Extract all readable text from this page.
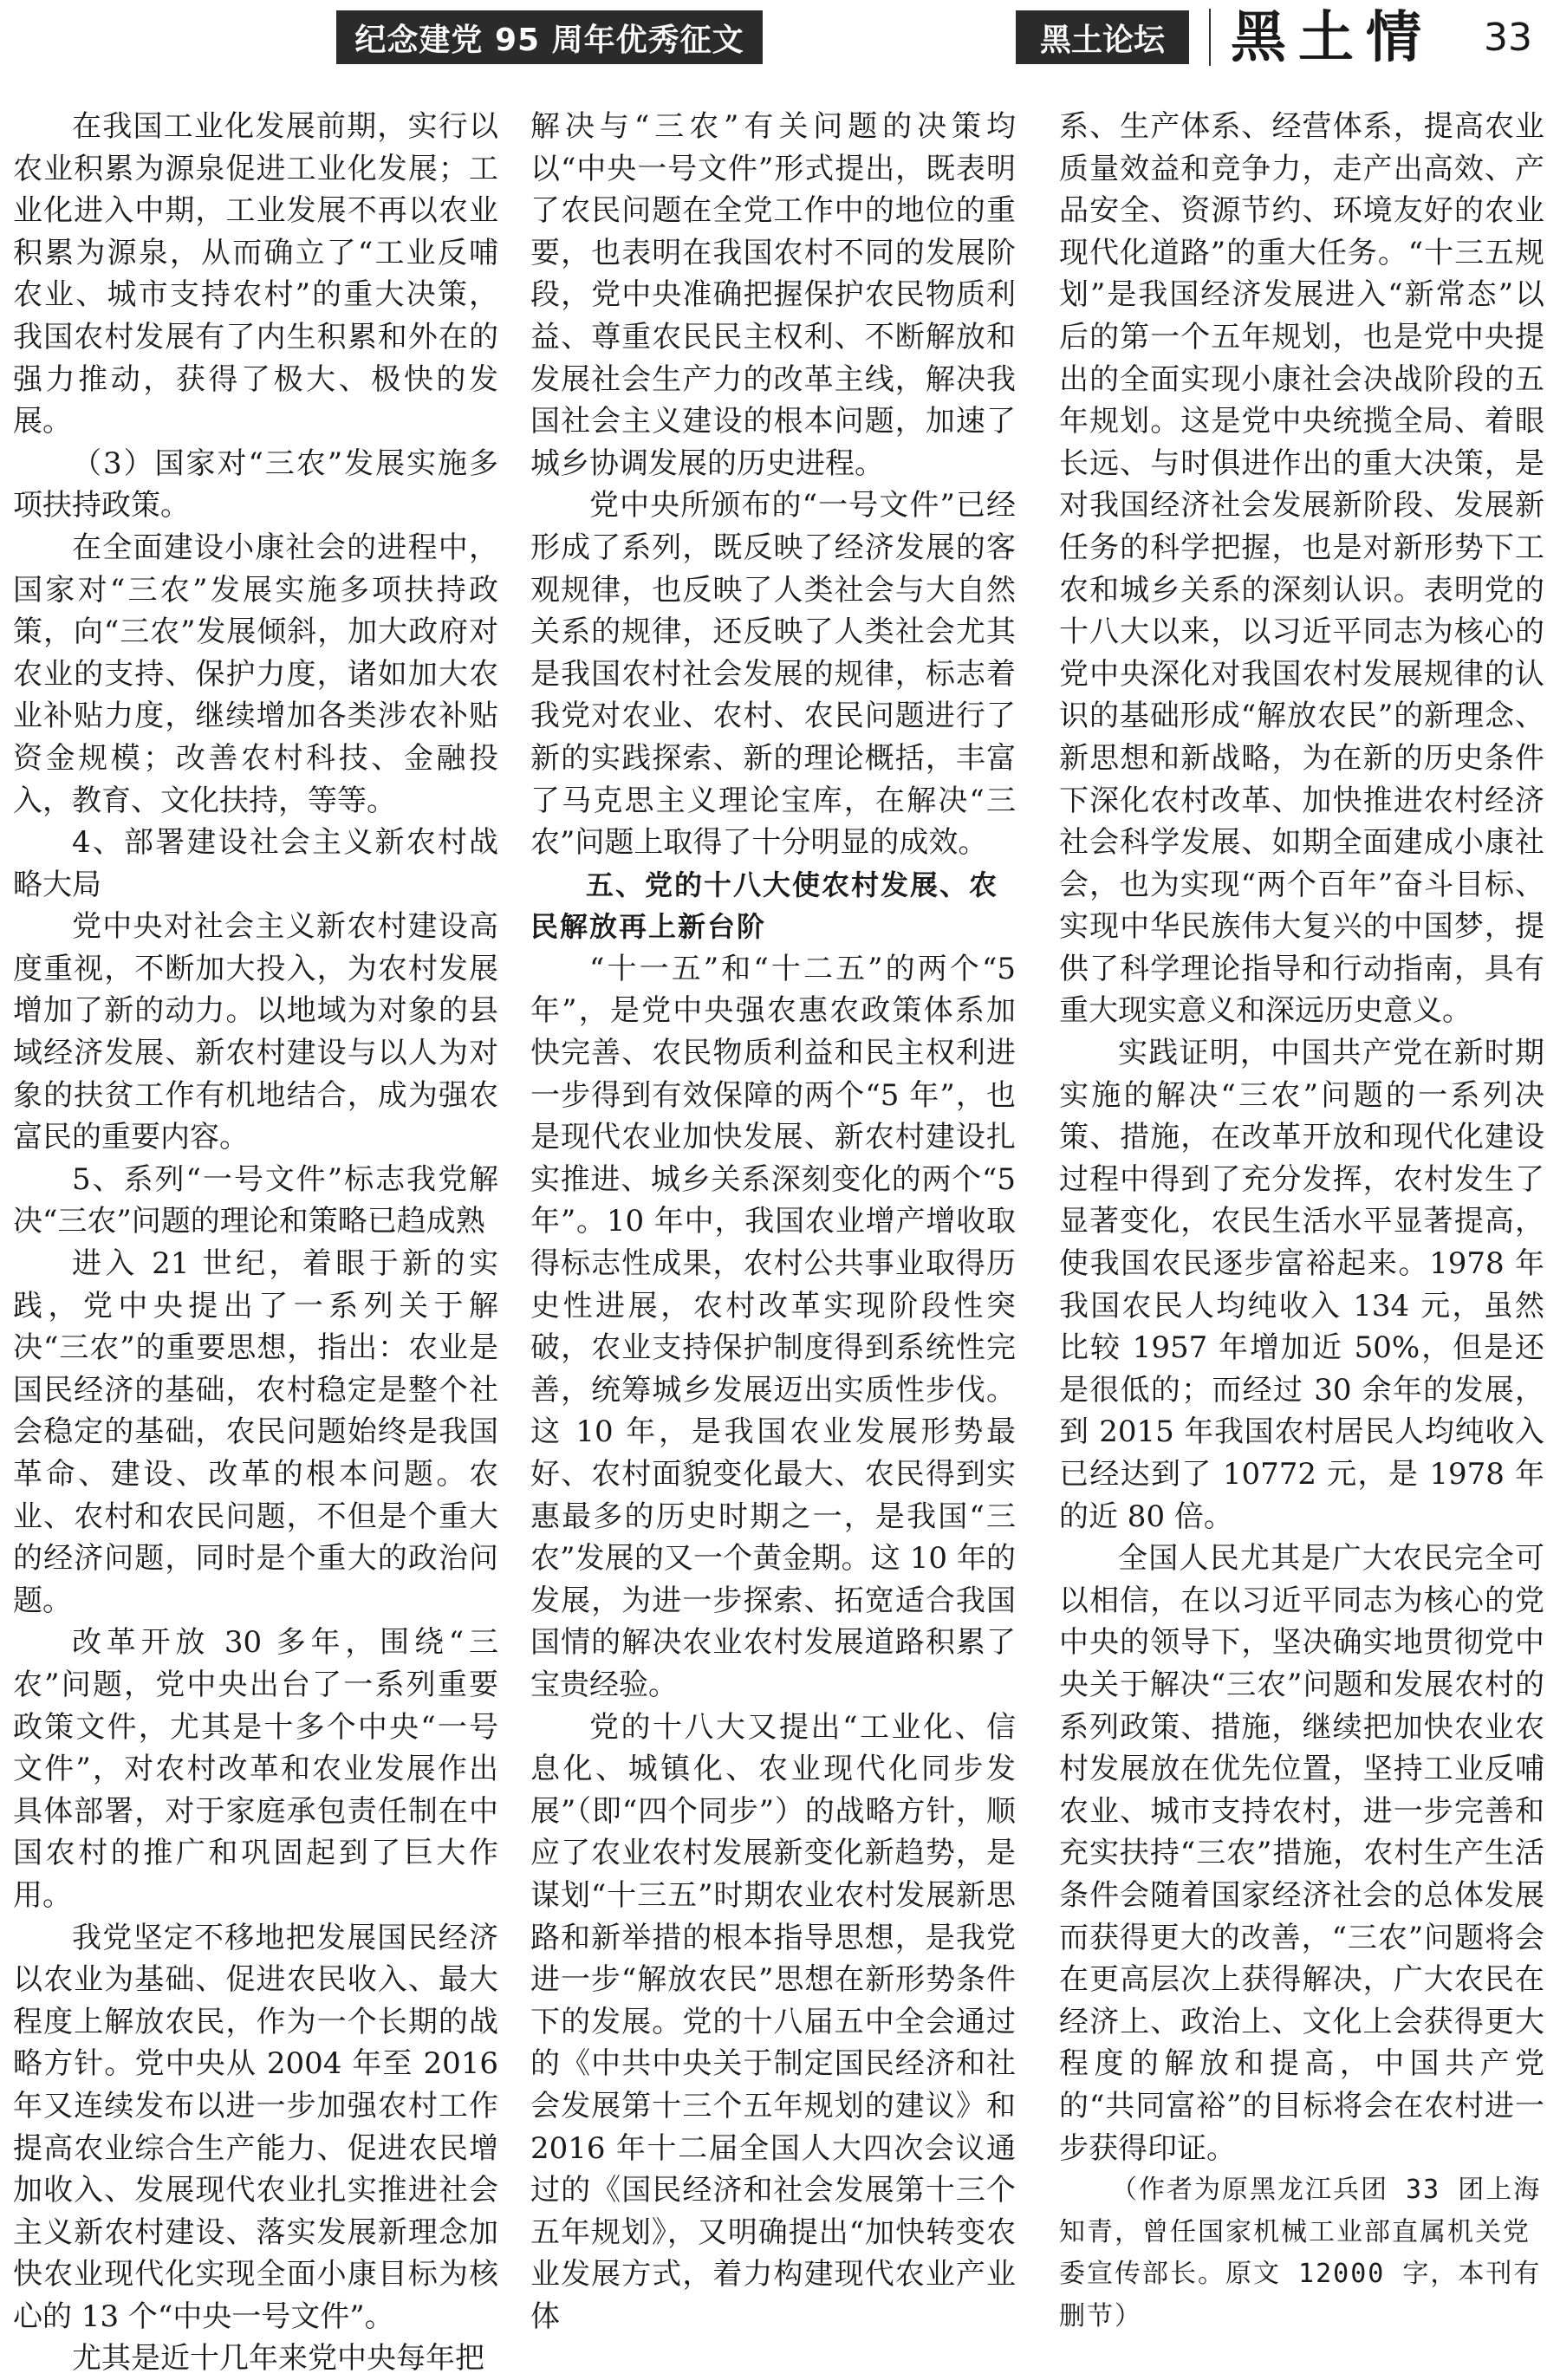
纪念建党 95 周年优秀征文	黑土论坛	黑土情 33

在我国工业化发展前期，实行以农业积累为源泉促进工业化发展；工业化进入中期，工业发展不再以农业积累为源泉，从而确立了“工业反哺农业、城市支持农村”的重大决策，我国农村发展有了内生积累和外在的强力推动，获得了极大、极快的发展。

（3）国家对“三农”发展实施多项扶持政策。

在全面建设小康社会的进程中，国家对“三农”发展实施多项扶持政策，向“三农”发展倾斜，加大政府对农业的支持、保护力度，诸如加大农业补贴力度，继续增加各类涉农补贴资金规模；改善农村科技、金融投入，教育、文化扶持，等等。

4、部署建设社会主义新农村战略大局

党中央对社会主义新农村建设高度重视，不断加大投入，为农村发展增加了新的动力。以地域为对象的县域经济发展、新农村建设与以人为对象的扶贫工作有机地结合，成为强农富民的重要内容。

5、系列“一号文件”标志我党解决“三农”问题的理论和策略已趋成熟

进入 21 世纪，着眼于新的实践，党中央提出了一系列关于解决“三农”的重要思想，指出：农业是国民经济的基础，农村稳定是整个社会稳定的基础，农民问题始终是我国革命、建设、改革的根本问题。农业、农村和农民问题，不但是个重大的经济问题，同时是个重大的政治问题。

改革开放 30 多年，围绕“三农”问题，党中央出台了一系列重要政策文件，尤其是十多个中央“一号文件”，对农村改革和农业发展作出具体部署，对于家庭承包责任制在中国农村的推广和巩固起到了巨大作用。

我党坚定不移地把发展国民经济以农业为基础、促进农民收入、最大程度上解放农民，作为一个长期的战略方针。党中央从 2004 年至 2016 年又连续发布以进一步加强农村工作提高农业综合生产能力、促进农民增加收入、发展现代农业扎实推进社会主义新农村建设、落实发展新理念加快农业现代化实现全面小康目标为核心的 13 个“中央一号文件”。

尤其是近十几年来党中央每年把

解决与“三农”有关问题的决策均以“中央一号文件”形式提出，既表明了农民问题在全党工作中的地位的重要，也表明在我国农村不同的发展阶段，党中央准确把握保护农民物质利益、尊重农民民主权利、不断解放和发展社会生产力的改革主线，解决我国社会主义建设的根本问题，加速了城乡协调发展的历史进程。

党中央所颁布的“一号文件”已经形成了系列，既反映了经济发展的客观规律，也反映了人类社会与大自然关系的规律，还反映了人类社会尤其是我国农村社会发展的规律，标志着我党对农业、农村、农民问题进行了新的实践探索、新的理论概括，丰富了马克思主义理论宝库，在解决“三农”问题上取得了十分明显的成效。

五、党的十八大使农村发展、农民解放再上新台阶

“十一五”和“十二五”的两个“5年”，是党中央强农惠农政策体系加快完善、农民物质利益和民主权利进一步得到有效保障的两个“5 年”，也是现代农业加快发展、新农村建设扎实推进、城乡关系深刻变化的两个“5 年”。10 年中，我国农业增产增收取得标志性成果，农村公共事业取得历史性进展，农村改革实现阶段性突破，农业支持保护制度得到系统性完善，统筹城乡发展迈出实质性步伐。这 10 年，是我国农业发展形势最好、农村面貌变化最大、农民得到实惠最多的历史时期之一，是我国“三农”发展的又一个黄金期。这 10 年的发展，为进一步探索、拓宽适合我国国情的解决农业农村发展道路积累了宝贵经验。

党的十八大又提出“工业化、信息化、城镇化、农业现代化同步发展”（即“四个同步”）的战略方针，顺应了农业农村发展新变化新趋势，是谋划“十三五”时期农业农村发展新思路和新举措的根本指导思想，是我党进一步“解放农民”思想在新形势条件下的发展。党的十八届五中全会通过的《中共中央关于制定国民经济和社会发展第十三个五年规划的建议》和 2016 年十二届全国人大四次会议通过的《国民经济和社会发展第十三个五年规划》，又明确提出“加快转变农业发展方式，着力构建现代农业产业体

系、生产体系、经营体系，提高农业质量效益和竞争力，走产出高效、产品安全、资源节约、环境友好的农业现代化道路”的重大任务。“十三五规划”是我国经济发展进入“新常态”以后的第一个五年规划，也是党中央提出的全面实现小康社会决战阶段的五年规划。这是党中央统揽全局、着眼长远、与时俱进作出的重大决策，是对我国经济社会发展新阶段、发展新任务的科学把握，也是对新形势下工农和城乡关系的深刻认识。表明党的十八大以来，以习近平同志为核心的党中央深化对我国农村发展规律的认识的基础形成“解放农民”的新理念、新思想和新战略，为在新的历史条件下深化农村改革、加快推进农村经济社会科学发展、如期全面建成小康社会，也为实现“两个百年”奋斗目标、实现中华民族伟大复兴的中国梦，提供了科学理论指导和行动指南，具有重大现实意义和深远历史意义。

实践证明，中国共产党在新时期实施的解决“三农”问题的一系列决策、措施，在改革开放和现代化建设过程中得到了充分发挥，农村发生了显著变化，农民生活水平显著提高，使我国农民逐步富裕起来。1978 年我国农民人均纯收入 134 元，虽然比较 1957 年增加近 50%，但是还是很低的；而经过 30 余年的发展，到 2015 年我国农村居民人均纯收入已经达到了 10772 元，是 1978 年的近 80 倍。

全国人民尤其是广大农民完全可以相信，在以习近平同志为核心的党中央的领导下，坚决确实地贯彻党中央关于解决“三农”问题和发展农村的系列政策、措施，继续把加快农业农村发展放在优先位置，坚持工业反哺农业、城市支持农村，进一步完善和充实扶持“三农”措施，农村生产生活条件会随着国家经济社会的总体发展而获得更大的改善，“三农”问题将会在更高层次上获得解决，广大农民在经济上、政治上、文化上会获得更大程度的解放和提高，中国共产党的“共同富裕”的目标将会在农村进一步获得印证。

（作者为原黑龙江兵团 33 团上海知青，曾任国家机械工业部直属机关党委宣传部长。原文 12000 字，本刊有删节）
